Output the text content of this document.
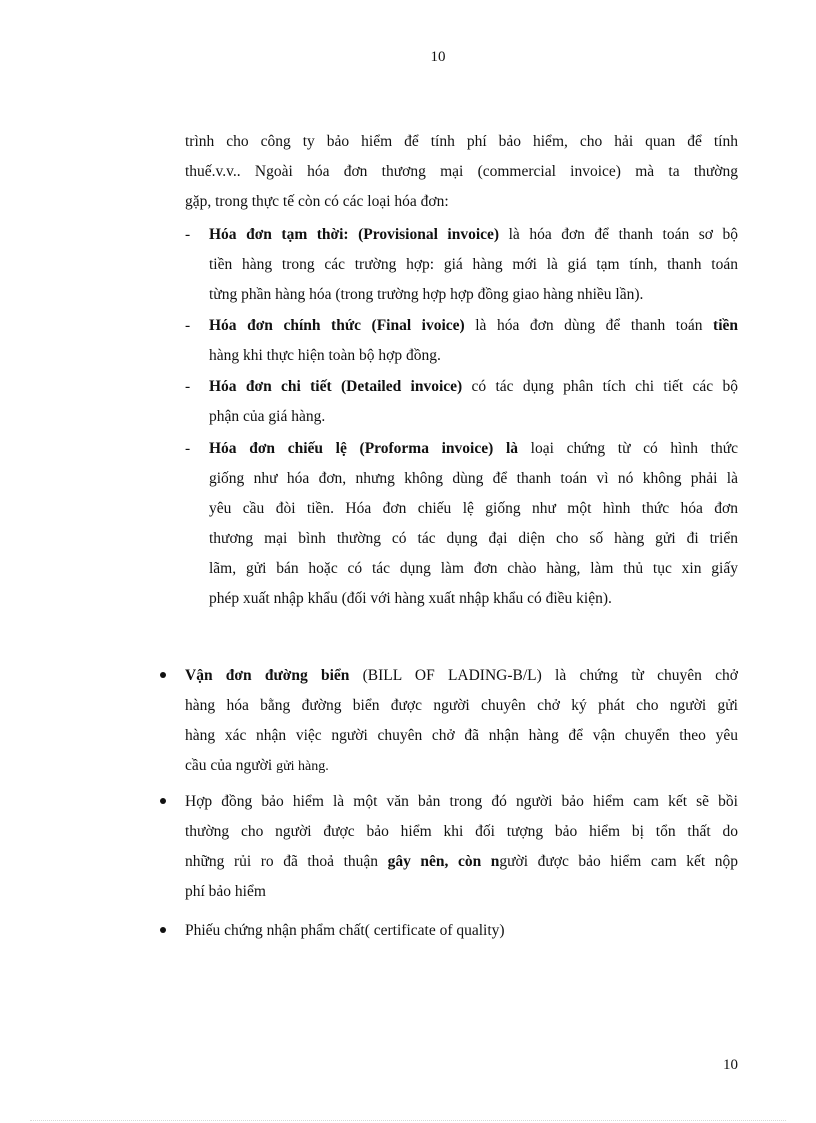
10
trình cho công ty bảo hiểm để tính phí bảo hiểm, cho hải quan để tính
thuế.v.v.. Ngoài hóa đơn thương mại (commercial invoice) mà ta thường
gặp, trong thực tế còn có các loại hóa đơn:
-	Hóa đơn tạm thời: (Provisional invoice) là hóa đơn để thanh toán sơ bộ
tiền hàng trong các trường hợp: giá hàng mới là giá tạm tính, thanh toán
từng phần hàng hóa (trong trường hợp hợp đồng giao hàng nhiều lần).
-	Hóa đơn chính thức (Final ivoice) là hóa đơn dùng để thanh toán tiền
hàng khi thực hiện toàn bộ hợp đồng.
-	Hóa đơn chi tiết (Detailed invoice) có tác dụng phân tích chi tiết các bộ
phận của giá hàng.
-	Hóa đơn chiếu lệ (Proforma invoice) là loại chứng từ có hình thức
giống như hóa đơn, nhưng không dùng để thanh toán vì nó không phải là
yêu cầu đòi tiền. Hóa đơn chiếu lệ giống như một hình thức hóa đơn
thương mại bình thường có tác dụng đại diện cho số hàng gửi đi triển
lãm, gửi bán hoặc có tác dụng làm đơn chào hàng, làm thủ tục xin giấy
phép xuất nhập khẩu (đối với hàng xuất nhập khẩu có điều kiện).
Vận đơn đường biển (BILL OF LADING-B/L) là chứng từ chuyên chở
hàng hóa bằng đường biển được người chuyên chở ký phát cho người gửi
hàng xác nhận việc người chuyên chở đã nhận hàng để vận chuyển theo yêu
cầu của người gửi hàng.
Hợp đồng bảo hiểm là một văn bản trong đó người bảo hiểm cam kết sẽ bồi
thường cho người được bảo hiểm khi đối tượng bảo hiểm bị tổn thất do
những rủi ro đã thoả thuận gây nên, còn người được bảo hiểm cam kết nộp
phí bảo hiểm
Phiếu chứng nhận phẩm chất( certificate of quality)
10
